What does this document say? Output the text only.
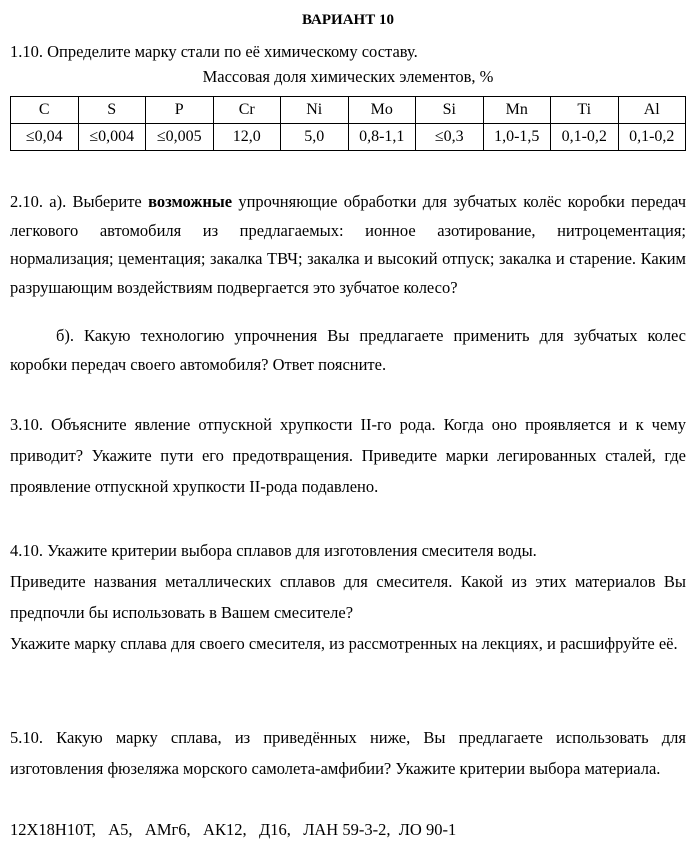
ВАРИАНТ 10
1.10. Определите марку стали по её химическому составу.
Массовая доля химических элементов, %
C	S	P	Cr	Ni	Mo	Si	Mn	Ti	Al
≤0,04	≤0,004	≤0,005	12,0	5,0	0,8-1,1	≤0,3	1,0-1,5	0,1-0,2	0,1-0,2

2.10. а). Выберите возможные упрочняющие обработки для зубчатых колёс коробки передач легкового автомобиля из предлагаемых: ионное азотирование, нитроцементация; нормализация; цементация; закалка ТВЧ; закалка и высокий отпуск; закалка и старение. Каким разрушающим воздействиям подвергается это зубчатое колесо?

б). Какую технологию упрочнения Вы предлагаете применить для зубчатых колес коробки передач своего автомобиля? Ответ поясните.

3.10. Объясните явление отпускной хрупкости II-го рода. Когда оно проявляется и к чему приводит? Укажите пути его предотвращения. Приведите марки легированных сталей, где проявление отпускной хрупкости II-рода подавлено.

4.10. Укажите критерии выбора сплавов для изготовления смесителя воды.

Приведите названия металлических сплавов для смесителя. Какой из этих материалов Вы предпочли бы использовать в Вашем смесителе?

Укажите марку сплава для своего смесителя, из рассмотренных на лекциях, и расшифруйте её.

5.10. Какую марку сплава, из приведённых ниже, Вы предлагаете использовать для изготовления фюзеляжа морского самолета-амфибии? Укажите критерии выбора материала.

12Х18Н10Т,   А5,   АМг6,   АК12,   Д16,   ЛАН 59-3-2,  ЛО 90-1
